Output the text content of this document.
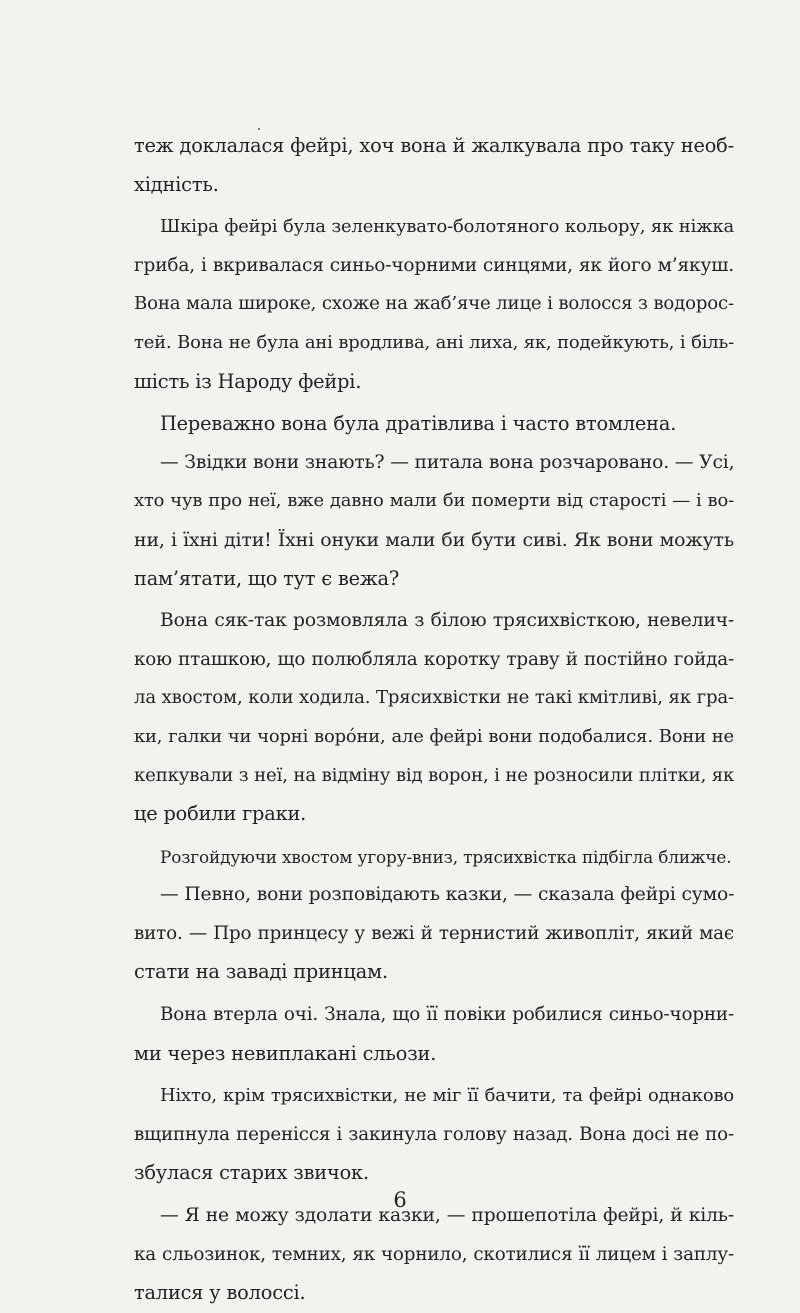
теж доклалася фейрі, хоч вона й жалкувала про таку необ-
хідність.
Шкіра фейрі була зеленкувато-болотяного кольору, як ніжка
гриба, і вкривалася синьо-чорними синцями, як його м’якуш.
Вона мала широке, схоже на жаб’яче лице і волосся з водорос-
тей. Вона не була ані вродлива, ані лиха, як, подейкують, і біль-
шість із Народу фейрі.
Переважно вона була дратівлива і часто втомлена.
— Звідки вони знають? — питала вона розчаровано. — Усі,
хто чув про неї, вже давно мали би померти від старості — і во-
ни, і їхні діти! Їхні онуки мали би бути сиві. Як вони можуть
пам’ятати, що тут є вежа?
Вона сяк-так розмовляла з білою трясихвісткою, невелич-
кою пташкою, що полюбляла коротку траву й постійно гойда-
ла хвостом, коли ходила. Трясихвістки не такі кмітливі, як гра-
ки, галки чи чорні ворóни, але фейрі вони подобалися. Вони не
кепкували з неї, на відміну від ворон, і не розносили плітки, як
це робили граки.
Розгойдуючи хвостом угору-вниз, трясихвістка підбігла ближче.
— Певно, вони розповідають казки, — сказала фейрі сумо-
вито. — Про принцесу у вежі й тернистий живопліт, який має
стати на заваді принцам.
Вона втерла очі. Знала, що її повіки робилися синьо-чорни-
ми через невиплакані сльози.
Ніхто, крім трясихвістки, не міг її бачити, та фейрі однаково
вщипнула перенісся і закинула голову назад. Вона досі не по-
збулася старих звичок.
— Я не можу здолати казки, — прошепотіла фейрі, й кіль-
ка сльозинок, темних, як чорнило, скотилися її лицем і заплу-
талися у волоссі.
6
